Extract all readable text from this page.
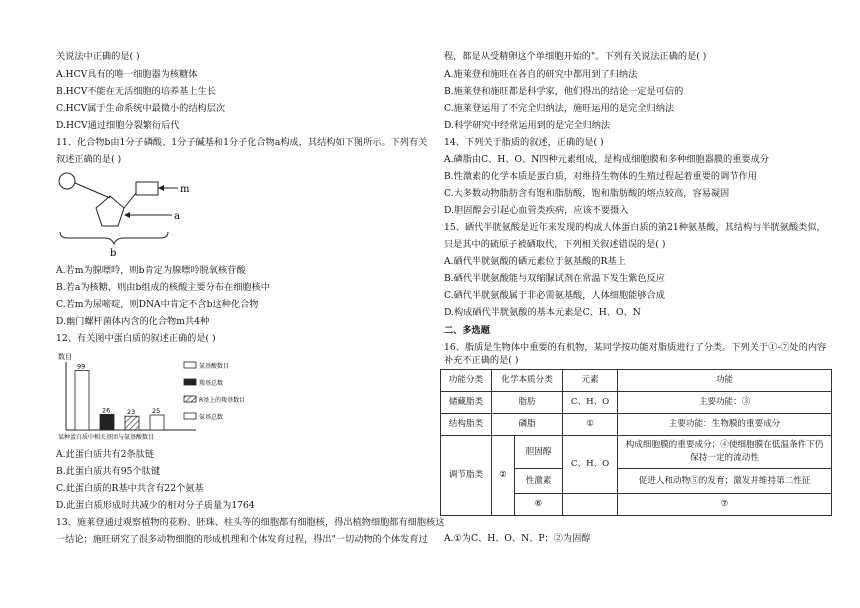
关说法中正确的是( )
A.HCV具有的唯一细胞器为核糖体
B.HCV不能在无活细胞的培养基上生长
C.HCV属于生命系统中最微小的结构层次
D.HCV通过细胞分裂繁衍后代
11、化合物b由1分子磷酸、1分子碱基和1分子化合物a构成，其结构如下图所示。下列有关
叙述正确的是( )
m
a
b
A.若m为腺嘌呤，则b肯定为腺嘌呤脱氧核苷酸
B.若a为核糖，则由b组成的核酸主要分布在细胞核中
C.若m为尿嘧啶，则DNA中肯定不含b这种化合物
D.幽门螺杆菌体内含的化合物m共4种
12、有关图中蛋白质的叙述正确的是( )
数目
某种蛋白质中相关基团与氨基酸数目
99
26	23	25
氨基酸数目
羧基总数
R基上的羧基数目
氨基总数
A.此蛋白质共有2条肽链
B.此蛋白质共有95个肽键
C.此蛋白质的R基中共含有22个氨基
D.此蛋白质形成时共减少的相对分子质量为1764
13、施莱登通过观察植物的花粉、胚珠、柱头等的细胞都有细胞核，得出植物细胞都有细胞核这
一结论；施旺研究了很多动物细胞的形成机理和个体发育过程，得出"一切动物的个体发育过
程，都是从受精卵这个单细胞开始的"。下列有关说法正确的是( )
A.施莱登和施旺在各自的研究中都用到了归纳法
B.施莱登和施旺都是科学家，他们得出的结论一定是可信的
C.施莱登运用了不完全归纳法，施旺运用的是完全归纳法
D.科学研究中经常运用到的是完全归纳法
14、下列关于脂质的叙述，正确的是( )
A.磷脂由C、H、O、N四种元素组成，是构成细胞膜和多种细胞器膜的重要成分
B.性激素的化学本质是蛋白质，对维持生物体的生殖过程起着重要的调节作用
C.大多数动物脂肪含有饱和脂肪酸，饱和脂肪酸的熔点较高，容易凝固
D.胆固醇会引起心血管类疾病，应该不要摄入
15、硒代半胱氨酸是近年来发现的构成人体蛋白质的第21种氨基酸，其结构与半胱氨酸类似，
只是其中的硫原子被硒取代，下列相关叙述错误的是( )
A.硒代半胱氨酸的硒元素位于氨基酸的R基上
B.硒代半胱氨酸能与双缩脲试剂在常温下发生紫色反应
C.硒代半胱氨酸属于非必需氨基酸，人体细胞能够合成
D.构成硒代半胱氨酸的基本元素是C、H、O、N
二、多选题
16、脂质是生物体中重要的有机物，某同学按功能对脂质进行了分类。下列关于①-⑦处的内容
补充不正确的是( )
功能分类	化学本质分类		元素	功能
储藏脂类	脂肪		C、H、O	主要功能：③
结构脂类	磷脂		①	主要功能：生物膜的重要成分
调节脂类	②	胆固醇	C、H、O	构成细胞膜的重要成分；④使细胞膜在低温条件下仍
保持一定的流动性

		性激素		促进人和动物⑤的发育；激发并维持第二性征
		⑥		⑦
A.①为C、H、O、N、P；②为固醇
